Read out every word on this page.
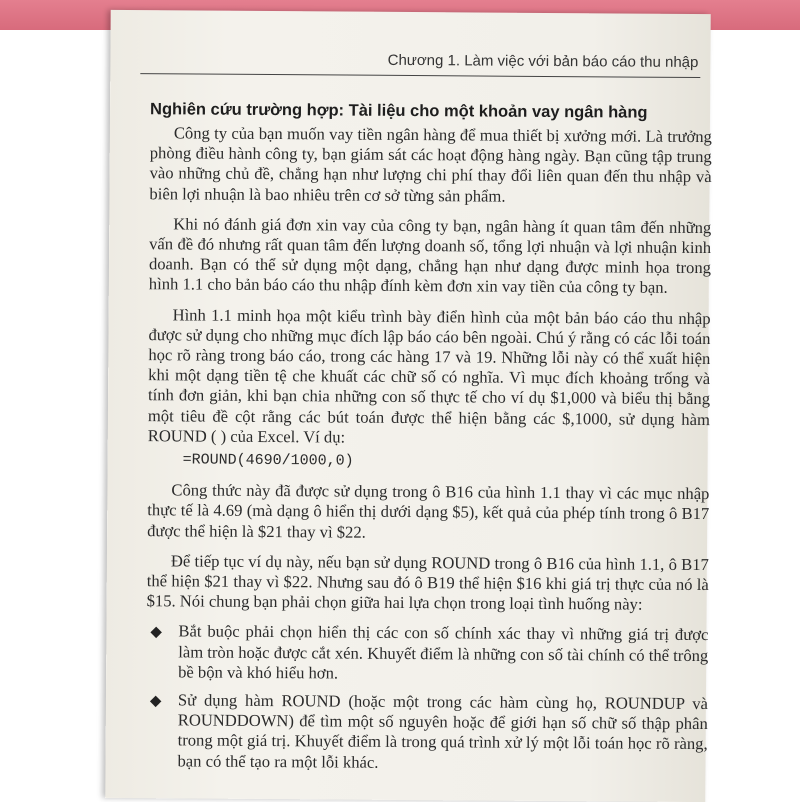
Chương 1. Làm việc với bản báo cáo thu nhập
Nghiên cứu trường hợp: Tài liệu cho một khoản vay ngân hàng

Công ty của bạn muốn vay tiền ngân hàng để mua thiết bị xưởng mới. Là trưởng phòng điều hành công ty, bạn giám sát các hoạt động hàng ngày. Bạn cũng tập trung vào những chủ đề, chẳng hạn như lượng chi phí thay đổi liên quan đến thu nhập và biên lợi nhuận là bao nhiêu trên cơ sở từng sản phẩm.

Khi nó đánh giá đơn xin vay của công ty bạn, ngân hàng ít quan tâm đến những vấn đề đó nhưng rất quan tâm đến lượng doanh số, tổng lợi nhuận và lợi nhuận kinh doanh. Bạn có thể sử dụng một dạng, chẳng hạn như dạng được minh họa trong hình 1.1 cho bản báo cáo thu nhập đính kèm đơn xin vay tiền của công ty bạn.

Hình 1.1 minh họa một kiểu trình bày điển hình của một bản báo cáo thu nhập được sử dụng cho những mục đích lập báo cáo bên ngoài. Chú ý rằng có các lỗi toán học rõ ràng trong báo cáo, trong các hàng 17 và 19. Những lỗi này có thể xuất hiện khi một dạng tiền tệ che khuất các chữ số có nghĩa. Vì mục đích khoảng trống và tính đơn giản, khi bạn chia những con số thực tế cho ví dụ $1,000 và biểu thị bằng một tiêu đề cột rằng các bút toán được thể hiện bằng các $,1000, sử dụng hàm ROUND ( ) của Excel. Ví dụ:

=ROUND(4690/1000,0)

Công thức này đã được sử dụng trong ô B16 của hình 1.1 thay vì các mục nhập thực tế là 4.69 (mà dạng ô hiển thị dưới dạng $5), kết quả của phép tính trong ô B17 được thể hiện là $21 thay vì $22.

Để tiếp tục ví dụ này, nếu bạn sử dụng ROUND trong ô B16 của hình 1.1, ô B17 thể hiện $21 thay vì $22. Nhưng sau đó ô B19 thể hiện $16 khi giá trị thực của nó là $15. Nói chung bạn phải chọn giữa hai lựa chọn trong loại tình huống này:

◆ Bắt buộc phải chọn hiển thị các con số chính xác thay vì những giá trị được làm tròn hoặc được cắt xén. Khuyết điểm là những con số tài chính có thể trông bề bộn và khó hiểu hơn.
◆ Sử dụng hàm ROUND (hoặc một trong các hàm cùng họ, ROUNDUP và ROUNDDOWN) để tìm một số nguyên hoặc để giới hạn số chữ số thập phân trong một giá trị. Khuyết điểm là trong quá trình xử lý một lỗi toán học rõ ràng, bạn có thể tạo ra một lỗi khác.
